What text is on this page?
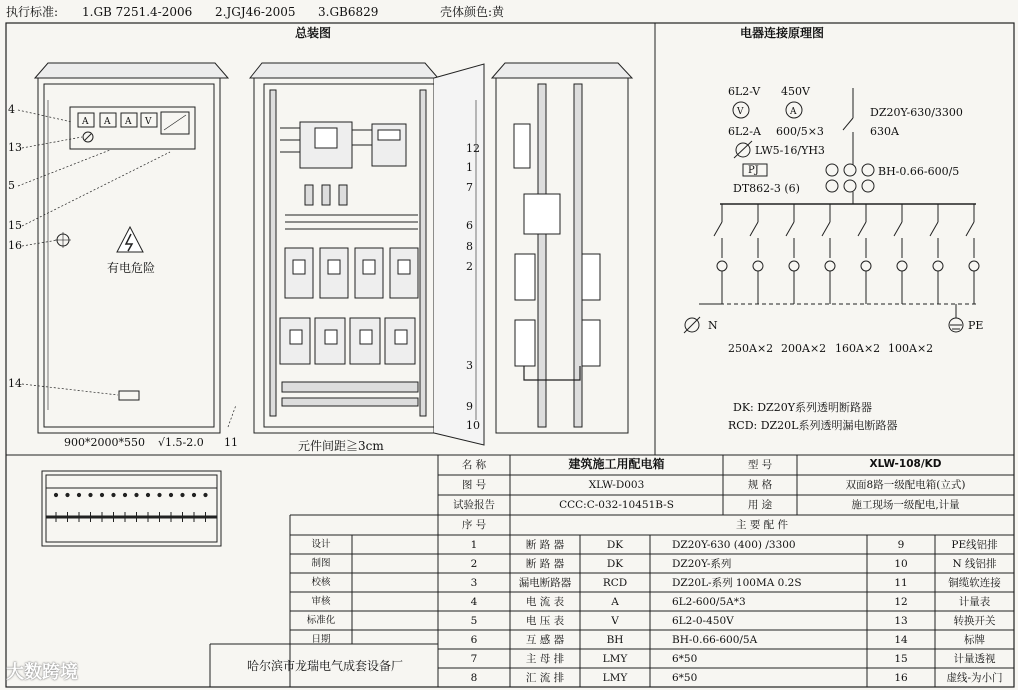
执行标准: 1.GB 7251.4-2006 2.JGJ46-2005 3.GB6829	壳体颜色:黄
A A A V
V	A
总装图
有电危险
900*2000*550 √1.5-2.0	元件间距≧3cm
4
13
5
15
16
14
11
12
1
7
6
8
2
3
9
10
电器连接原理图
6L2-V 450V
DZ20Y-630/3300
6L2-A 600/5×3	630A
LW5-16/YH3
PJ	BH-0.66-600/5
DT862-3 (6)
N	PE
250A×2 200A×2 160A×2 100A×2
DK: DZ20Y系列透明断路器
RCD: DZ20L系列透明漏电断路器
名 称	建筑施工用配电箱	型 号	XLW-108/KD
图 号	XLW-D003	规 格	双面8路一级配电箱(立式)
试验报告	CCC:C-032-10451B-S	用 途	施工现场一级配电,计量
序 号	主 要 配 件
哈尔滨市龙瑞电气成套设备厂
设计
制图
校核
审核
标准化
日期
1	断 路 器	DK	DZ20Y-630 (400) /3300	9	PE线铝排
2	断 路 器	DK	DZ20Y-系列	10	N 线铝排
3	漏电断路器	RCD	DZ20L-系列 100MA 0.2S	11	铜缆软连接
4	电 流 表	A	6L2-600/5A*3	12	计量表
5	电 压 表	V	6L2-0-450V	13	转换开关
6	互 感 器	BH	BH-0.66-600/5A	14	标牌
7	主 母 排	LMY	6*50	15	计量透视
8	汇 流 排	LMY	6*50	16	虚线-为小门
大数跨境
